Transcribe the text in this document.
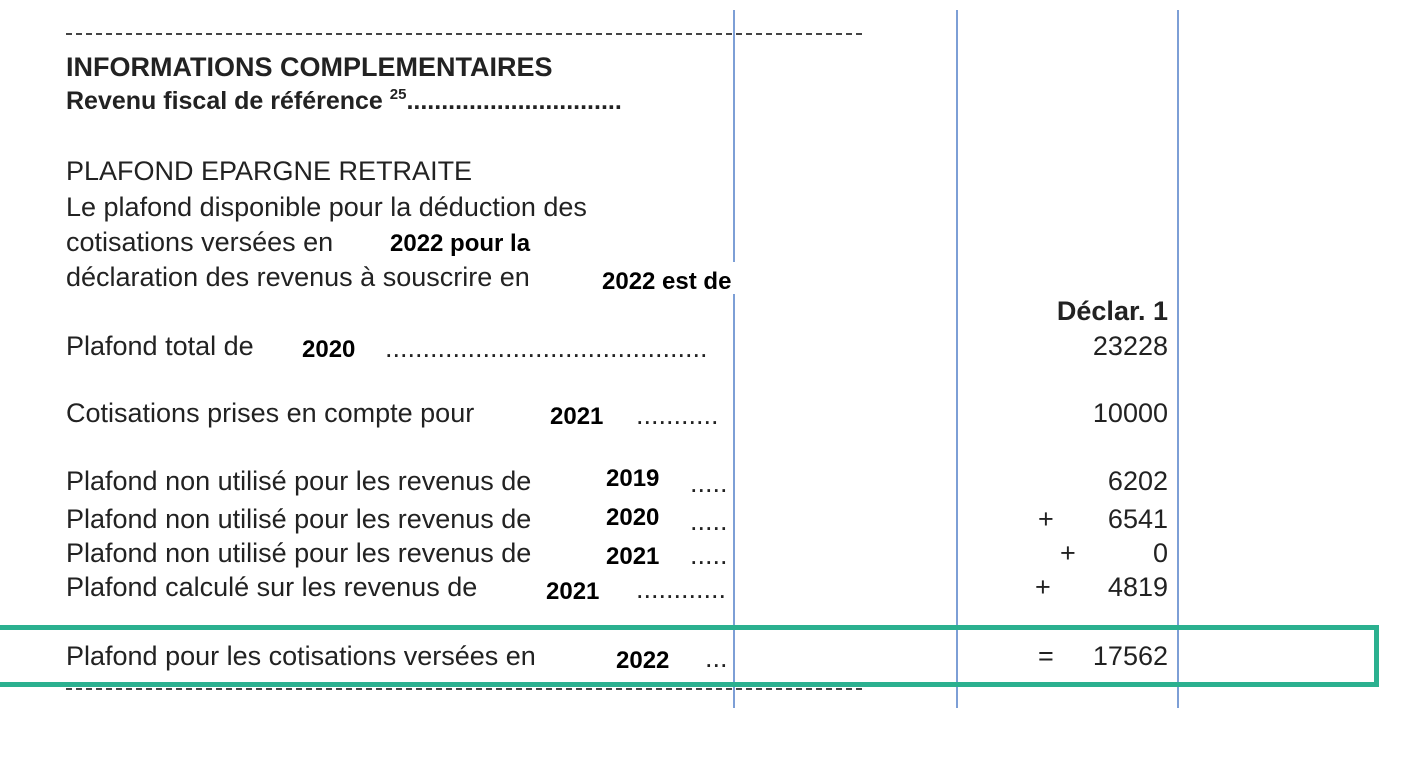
INFORMATIONS COMPLEMENTAIRES
Revenu fiscal de référence $^{25}$...............................
PLAFOND EPARGNE RETRAITE
Le plafond disponible pour la déduction des
cotisations versées en 2022 pour la
déclaration des revenus à souscrire en	2022 est de
Déclar. 1
Plafond total de 2020 ...........................................	23228
Cotisations prises en compte pour	2021 ...........	10000
Plafond non utilisé pour les revenus de	2019 .....	6202
Plafond non utilisé pour les revenus de	2020 .....	+ 6541
Plafond non utilisé pour les revenus de	2021 .....	+	0
Plafond calculé sur les revenus de	2021 ............	+ 4819
Plafond pour les cotisations versées en	2022 ...	= 17562
